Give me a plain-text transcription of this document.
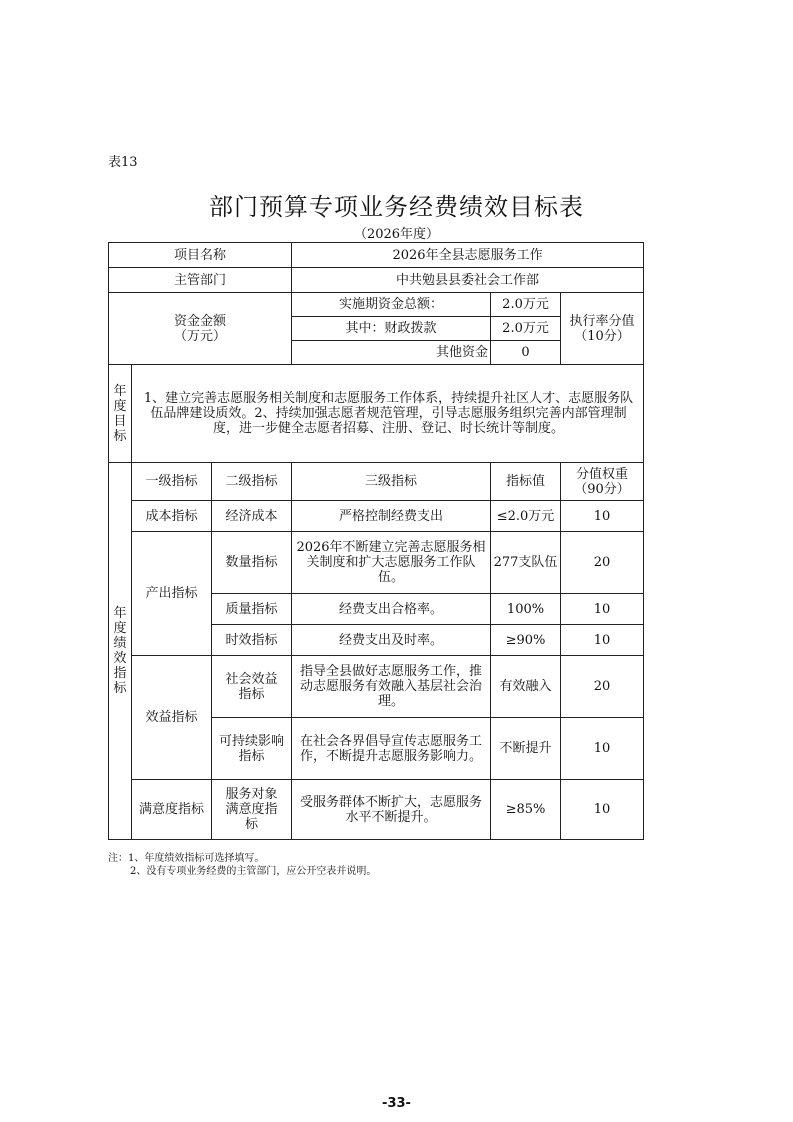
表13
部门预算专项业务经费绩效目标表
（2026年度）
项目名称			2026年全县志愿服务工作		
主管部门			中共勉县县委社会工作部		
资金金额
（万元）			实施期资金总额：	2.0万元	执行率分值
（10分）
			其中：财政拨款	2.0万元	
			其他资金	0	

年度目标	1、建立完善志愿服务相关制度和志愿服务工作体系，持续提升社区人才、志愿服务队伍品牌建设质效。2、持续加强志愿者规范管理，引导志愿服务组织完善内部管理制度，进一步健全志愿者招募、注册、登记、时长统计等制度。				

年度绩效指标	一级指标	二级指标	三级指标	指标值	分值权重
（90分）
	成本指标	经济成本	严格控制经费支出	≤2.0万元	10
	产出指标	数量指标	2026年不断建立完善志愿服务相关制度和扩大志愿服务工作队伍。	277支队伍	20
		质量指标	经费支出合格率。	100%	10
		时效指标	经费支出及时率。	≥90%	10
	效益指标	社会效益指标	指导全县做好志愿服务工作，推动志愿服务有效融入基层社会治理。	有效融入	20
		可持续影响指标	在社会各界倡导宣传志愿服务工作，不断提升志愿服务影响力。	不断提升	10
	满意度指标	服务对象满意度指标	受服务群体不断扩大，志愿服务水平不断提升。	≥85%	10
注：1、年度绩效指标可选择填写。
2、没有专项业务经费的主管部门，应公开空表并说明。
-33-
